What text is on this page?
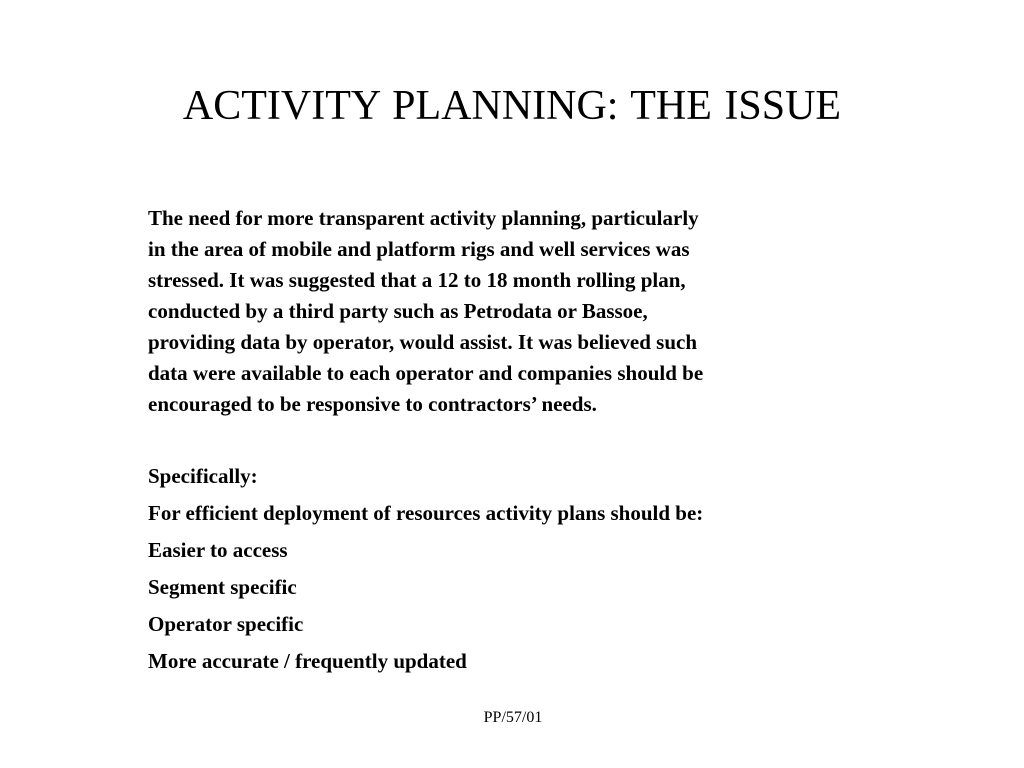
ACTIVITY PLANNING: THE ISSUE

The need for more transparent activity planning, particularly
in the area of mobile and platform rigs and well services was
stressed. It was suggested that a 12 to 18 month rolling plan,
conducted by a third party such as Petrodata or Bassoe,
providing data by operator, would assist. It was believed such
data were available to each operator and companies should be
encouraged to be responsive to contractors’ needs.

Specifically:
For efficient deployment of resources activity plans should be:
Easier to access
Segment specific
Operator specific
More accurate / frequently updated
PP/57/01
